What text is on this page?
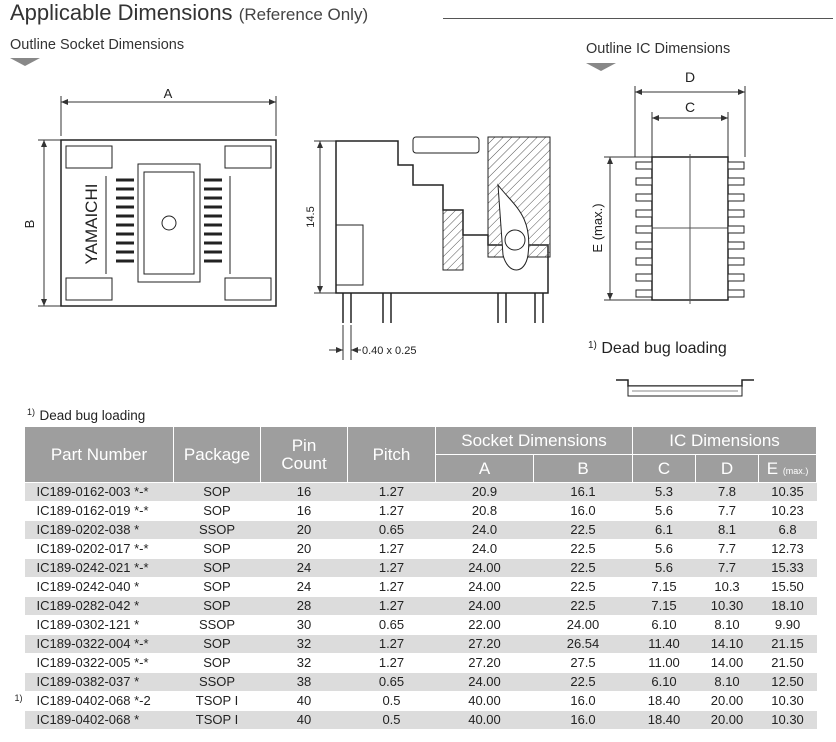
Applicable Dimensions (Reference Only)
Outline Socket Dimensions	Outline IC Dimensions
A
B	YAMAICHI	14.5
0.40 x 0.25
D
C
E (max.)
$^{1)}$ Dead bug loading
$^{1)}$ Dead bug loading
Part Number	Package	Pin Count	Pitch	Socket Dimensions		IC Dimensions		
				A	B	C	D	E (max.)
IC189-0162-003 *-*	SOP	16	1.27	20.9	16.1	5.3	7.8	10.35
IC189-0162-019 *-*	SOP	16	1.27	20.8	16.0	5.6	7.7	10.23
IC189-0202-038 *	SSOP	20	0.65	24.0	22.5	6.1	8.1	6.8
IC189-0202-017 *-*	SOP	20	1.27	24.0	22.5	5.6	7.7	12.73
IC189-0242-021 *-*	SOP	24	1.27	24.00	22.5	5.6	7.7	15.33
IC189-0242-040 *	SOP	24	1.27	24.00	22.5	7.15	10.3	15.50
IC189-0282-042 *	SOP	28	1.27	24.00	22.5	7.15	10.30	18.10
IC189-0302-121 *	SSOP	30	0.65	22.00	24.00	6.10	8.10	9.90
IC189-0322-004 *-*	SOP	32	1.27	27.20	26.54	11.40	14.10	21.15
IC189-0322-005 *-*	SOP	32	1.27	27.20	27.5	11.00	14.00	21.50
IC189-0382-037 *	SSOP	38	0.65	24.00	22.5	6.10	8.10	12.50

1) IC189-0402-068 *-2	TSOP I	40	0.5	40.00	16.0	18.40	20.00	10.30
IC189-0402-068 *	TSOP I	40	0.5	40.00	16.0	18.40	20.00	10.30
